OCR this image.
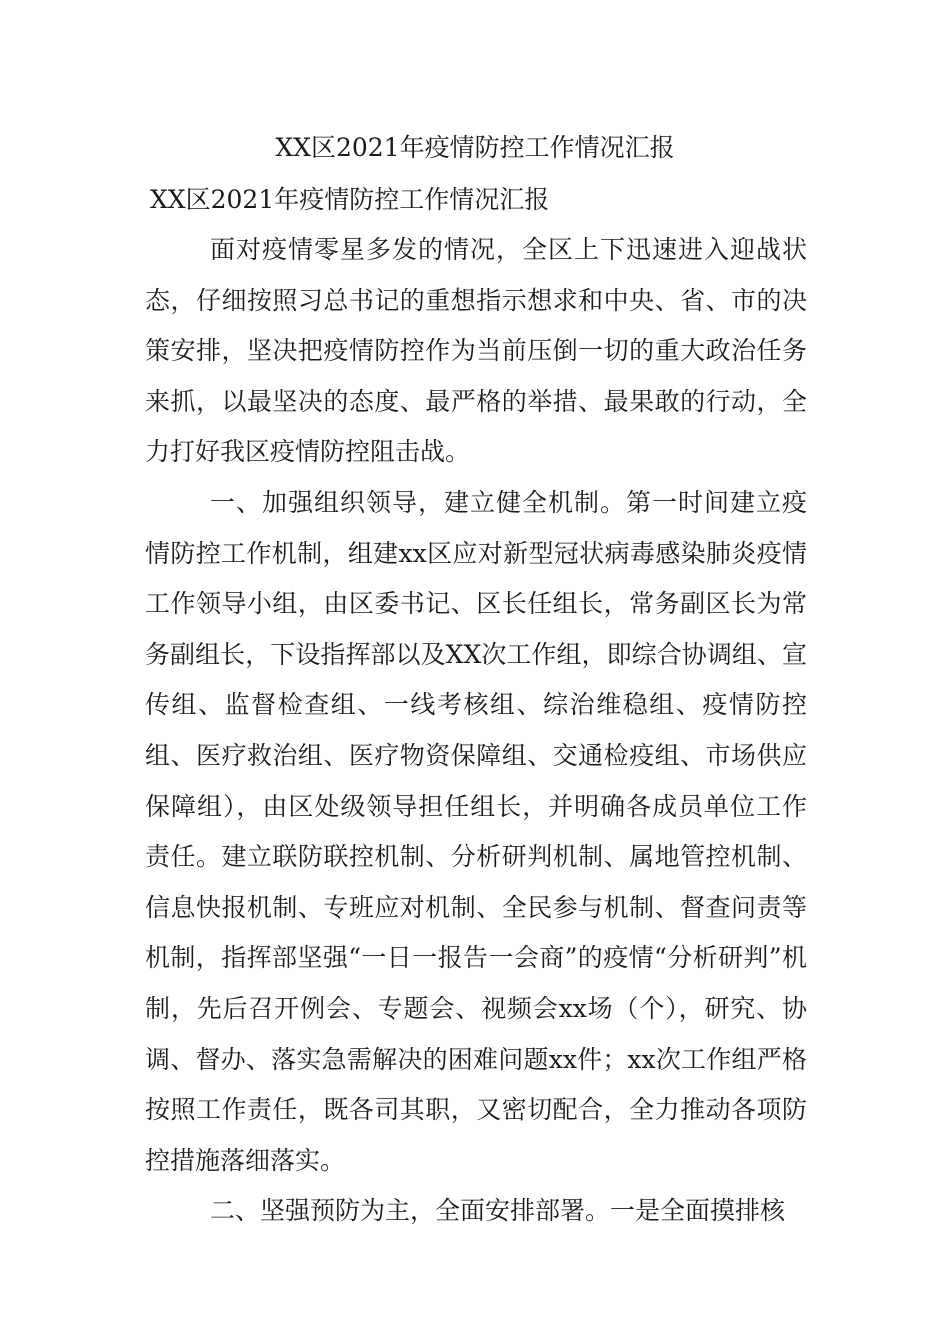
XX区2021年疫情防控工作情况汇报
XX区2021年疫情防控工作情况汇报

面对疫情零星多发的情况，全区上下迅速进入迎战状态，仔细按照习总书记的重想指示想求和中央、省、市的决策安排，坚决把疫情防控作为当前压倒一切的重大政治任务来抓，以最坚决的态度、最严格的举措、最果敢的行动，全力打好我区疫情防控阻击战。

一、加强组织领导，建立健全机制。第一时间建立疫情防控工作机制，组建xx区应对新型冠状病毒感染肺炎疫情工作领导小组，由区委书记、区长任组长，常务副区长为常务副组长，下设指挥部以及XX次工作组，即综合协调组、宣传组、监督检查组、一线考核组、综治维稳组、疫情防控组、医疗救治组、医疗物资保障组、交通检疫组、市场供应保障组），由区处级领导担任组长，并明确各成员单位工作责任。建立联防联控机制、分析研判机制、属地管控机制、信息快报机制、专班应对机制、全民参与机制、督查问责等机制，指挥部坚强“一日一报告一会商”的疫情“分析研判”机制，先后召开例会、专题会、视频会xx场（个），研究、协调、督办、落实急需解决的困难问题xx件；xx次工作组严格按照工作责任，既各司其职，又密切配合，全力推动各项防控措施落细落实。

二、坚强预防为主，全面安排部署。一是全面摸排核
